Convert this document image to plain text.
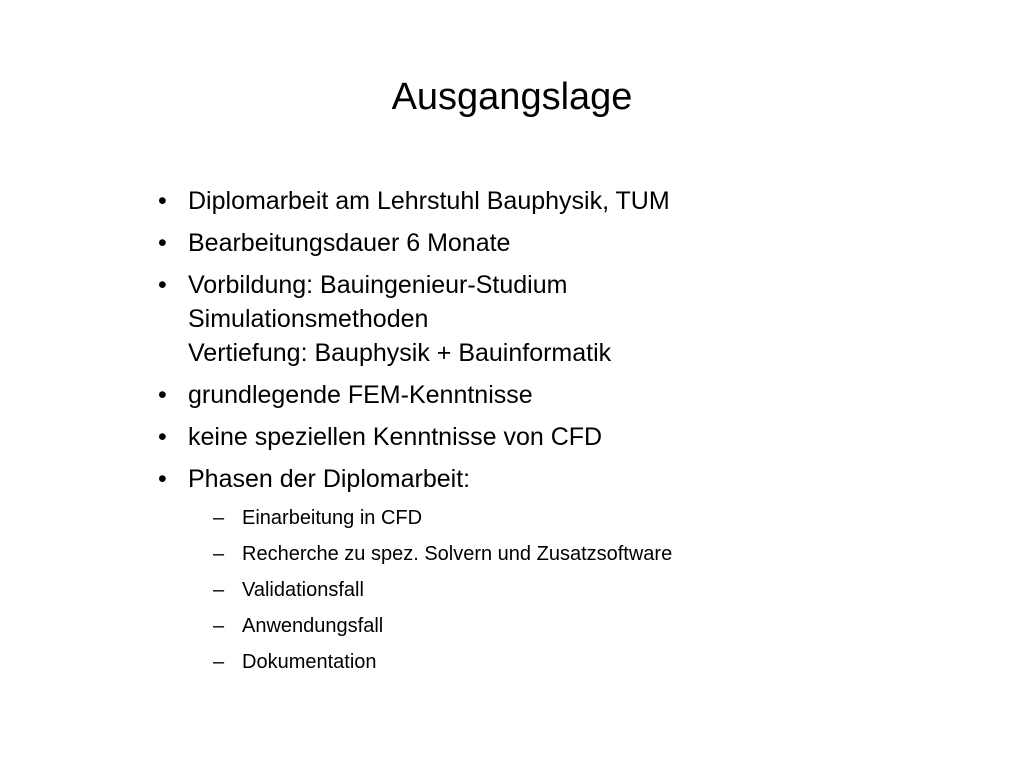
Ausgangslage
• Diplomarbeit am Lehrstuhl Bauphysik, TUM
• Bearbeitungsdauer 6 Monate
• Vorbildung: Bauingenieur-Studium
Simulationsmethoden
Vertiefung: Bauphysik + Bauinformatik
• grundlegende FEM-Kenntnisse
• keine speziellen Kenntnisse von CFD
• Phasen der Diplomarbeit:
– Einarbeitung in CFD
– Recherche zu spez. Solvern und Zusatzsoftware
– Validationsfall
– Anwendungsfall
– Dokumentation
